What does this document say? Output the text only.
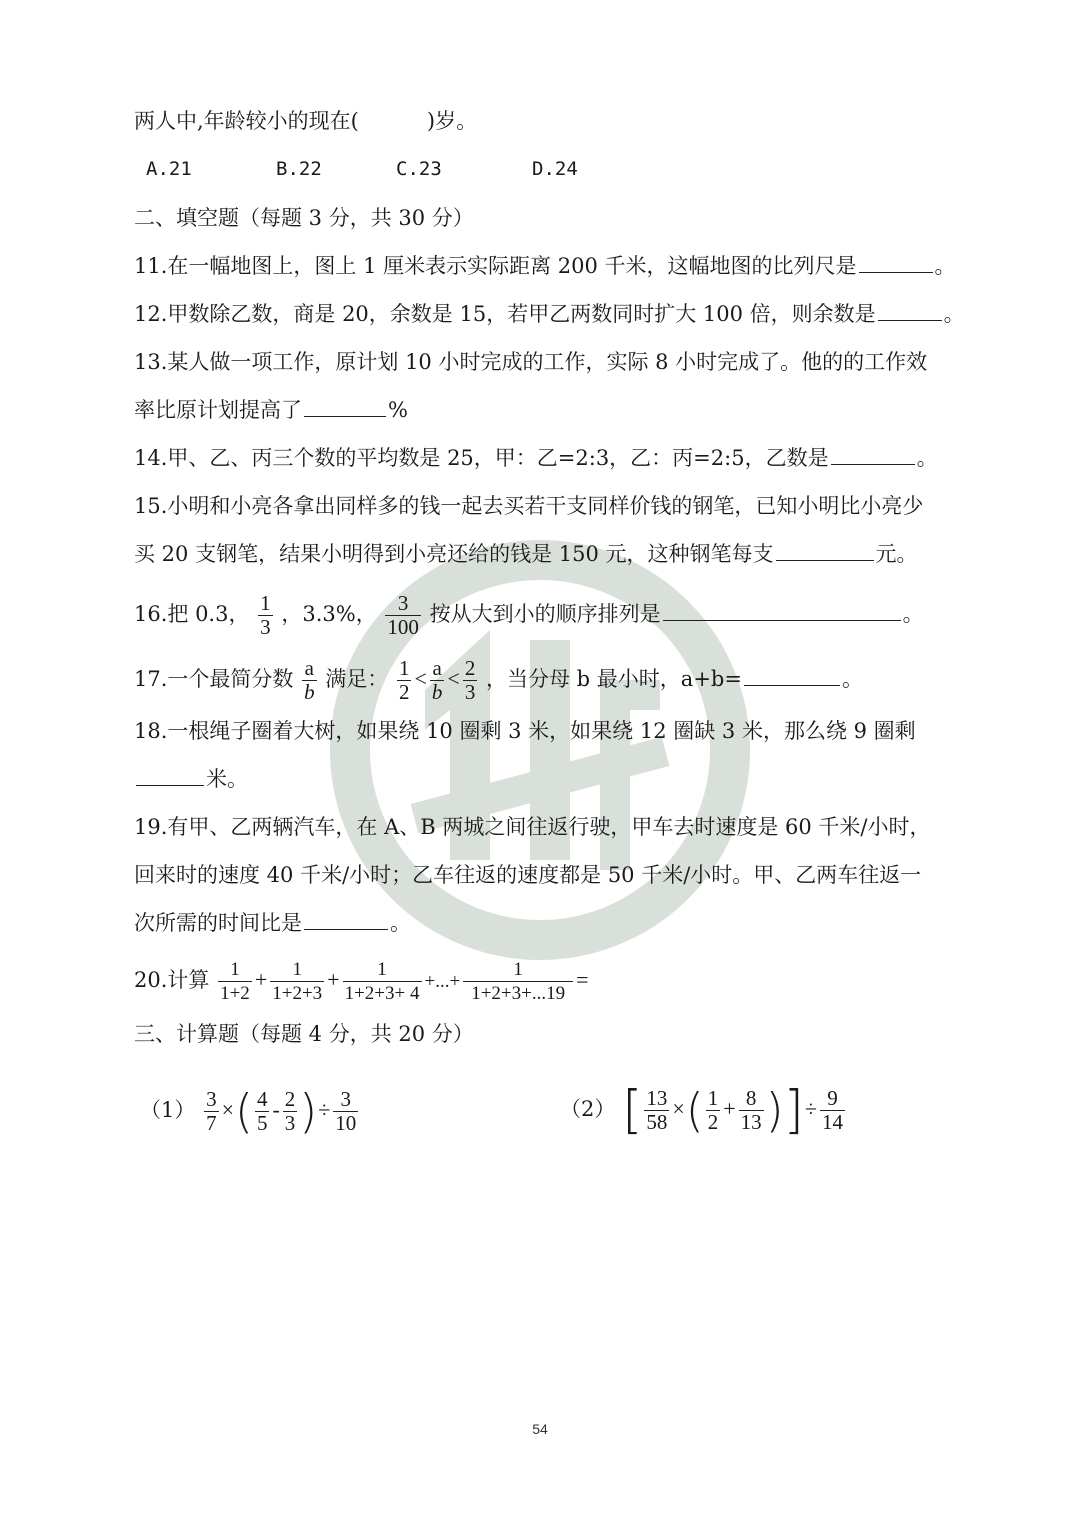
两人中,年龄较小的现在(	)岁。
A.21	B.22	C.23	D.24
二、填空题（每题 3 分，共 30 分）
11.在一幅地图上，图上 1 厘米表示实际距离 200 千米，这幅地图的比列尺是	。
12.甲数除乙数，商是 20，余数是 15，若甲乙两数同时扩大 100 倍，则余数是	。
13.某人做一项工作，原计划 10 小时完成的工作，实际 8 小时完成了。他的的工作效
率比原计划提高了	%
14.甲、乙、丙三个数的平均数是 25，甲：乙=2:3，乙：丙=2:5，乙数是	。
15.小明和小亮各拿出同样多的钱一起去买若干支同样价钱的钢笔，已知小明比小亮少
买 20 支钢笔，结果小明得到小亮还给的钱是 150 元，这种钢笔每支	元。
16.把 0.3， $\frac{1}{3}$ ，3.3%， $\frac{3}{100}$ 按从大到小的顺序排列是	。
17.一个最简分数 $\frac{a}{b}$ 满足： $\frac{1}{2} < \frac{a}{b} < \frac{2}{3}$ ，当分母 b 最小时，a+b=	。
18.一根绳子圈着大树，如果绕 10 圈剩 3 米，如果绕 12 圈缺 3 米，那么绕 9 圈剩
米。
19.有甲、乙两辆汽车，在 A、B 两城之间往返行驶，甲车去时速度是 60 千米/小时，
回来时的速度 40 千米/小时；乙车往返的速度都是 50 千米/小时。甲、乙两车往返一
次所需的时间比是	。
20.计算 $\frac{1}{1+2} + \frac{1}{1+2+3} + \frac{1}{1+2+3+ 4}$ +...+ $\frac{1}{1+2+3+...19}$ =
三、计算题（每题 4 分，共 20 分）
$(1) \frac{3}{7}$ ×( $\frac{4}{5} - \frac{2}{3}$ )÷ $\frac{3}{10}$	（2） [ $\frac{13}{58}$ ×( $\frac{1}{2} + \frac{8}{13}$ )]÷ $\frac{9}{14}$
54
